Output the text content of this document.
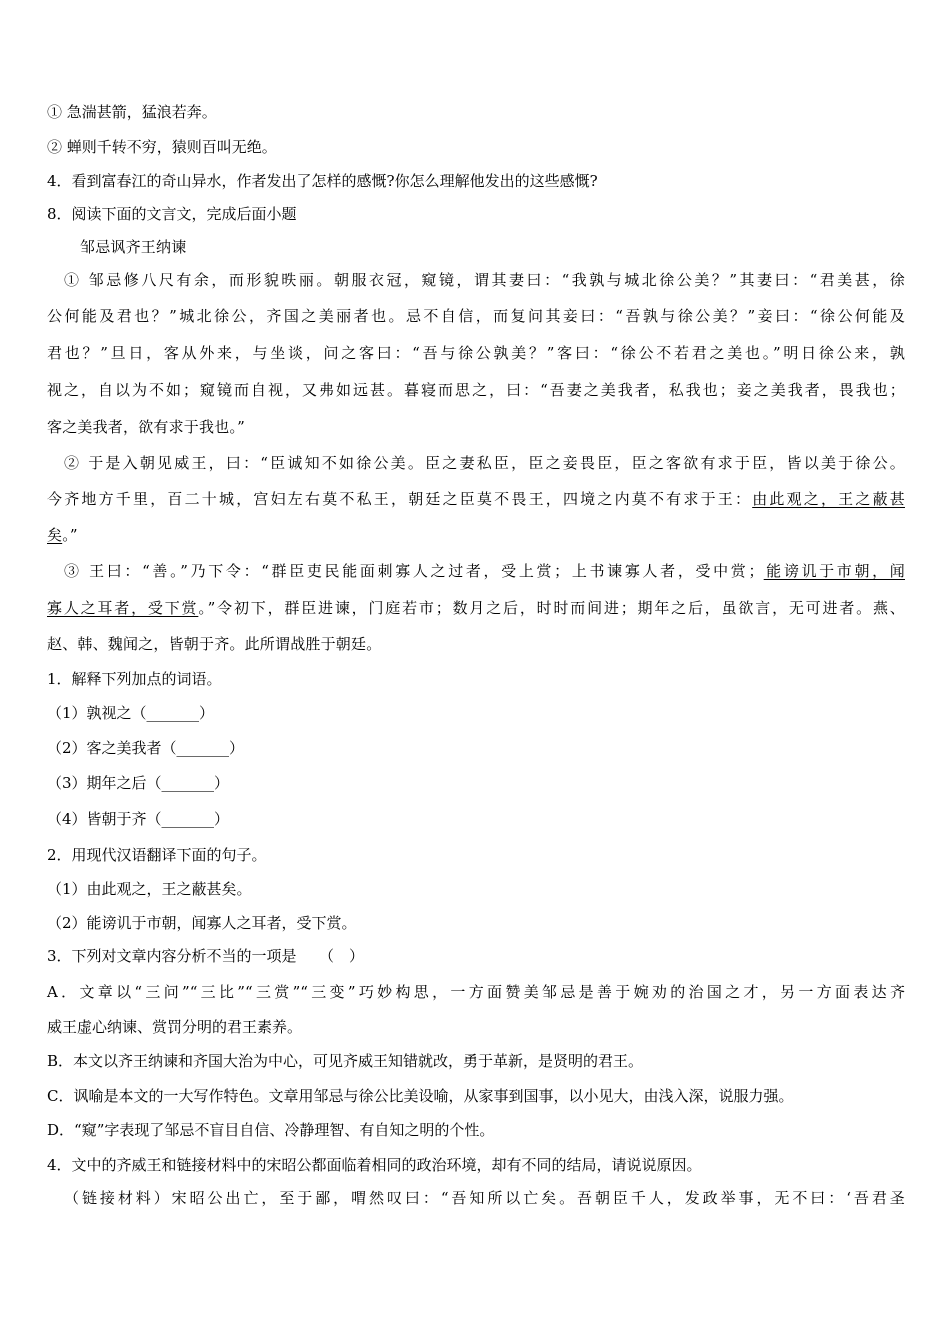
① 急湍甚箭，猛浪若奔。
② 蝉则千转不穷，猿则百叫无绝。
4．看到富春江的奇山异水，作者发出了怎样的感慨?你怎么理解他发出的这些感慨?
8．阅读下面的文言文，完成后面小题
邹忌讽齐王纳谏
① 邹忌修八尺有余，而形貌昳丽。朝服衣冠，窥镜，谓其妻曰：“我孰与城北徐公美？”其妻曰：“君美甚，徐
公何能及君也？”城北徐公，齐国之美丽者也。忌不自信，而复问其妾曰：“吾孰与徐公美？”妾曰：“徐公何能及
君也？”旦日，客从外来，与坐谈，问之客曰：“吾与徐公孰美？”客曰：“徐公不若君之美也。”明日徐公来，孰
视之，自以为不如；窥镜而自视，又弗如远甚。暮寝而思之，曰：“吾妻之美我者，私我也；妾之美我者，畏我也；
客之美我者，欲有求于我也。”
② 于是入朝见威王，曰：“臣诚知不如徐公美。臣之妻私臣，臣之妾畏臣，臣之客欲有求于臣，皆以美于徐公。
今齐地方千里，百二十城，宫妇左右莫不私王，朝廷之臣莫不畏王，四境之内莫不有求于王：由此观之，王之蔽甚
矣。”
③ 王曰：“善。”乃下令：“群臣吏民能面刺寡人之过者，受上赏；上书谏寡人者，受中赏；能谤讥于市朝，闻
寡人之耳者，受下赏。”令初下，群臣进谏，门庭若市；数月之后，时时而间进；期年之后，虽欲言，无可进者。燕、
赵、韩、魏闻之，皆朝于齐。此所谓战胜于朝廷。
1．解释下列加点的词语。
（1）孰视之（_______）
（2）客之美我者（_______）
（3）期年之后（_______）
（4）皆朝于齐（_______）
2．用现代汉语翻译下面的句子。
（1）由此观之，王之蔽甚矣。
（2）能谤讥于市朝，闻寡人之耳者，受下赏。
3．下列对文章内容分析不当的一项是　　（　）
A．文章以“三问”“三比”“三赏”“三变”巧妙构思，一方面赞美邹忌是善于婉劝的治国之才，另一方面表达齐
威王虚心纳谏、赏罚分明的君王素养。
B．本文以齐王纳谏和齐国大治为中心，可见齐威王知错就改，勇于革新，是贤明的君王。
C．讽喻是本文的一大写作特色。文章用邹忌与徐公比美设喻，从家事到国事，以小见大，由浅入深，说服力强。
D．“窥”字表现了邹忌不盲目自信、冷静理智、有自知之明的个性。
4．文中的齐威王和链接材料中的宋昭公都面临着相同的政治环境，却有不同的结局，请说说原因。
（链接材料）宋昭公出亡，至于鄙，喟然叹曰：“吾知所以亡矣。吾朝臣千人，发政举事，无不曰：‘吾君圣
